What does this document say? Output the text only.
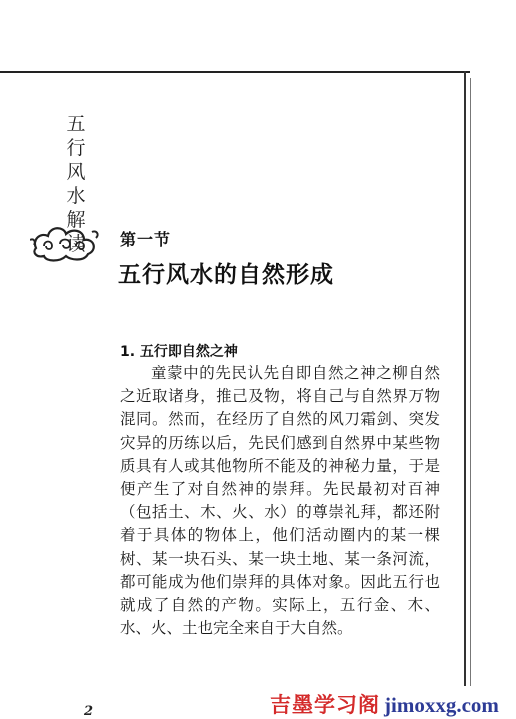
五行风水解读 第一节
五行风水的自然形成
1. 五行即自然之神

童蒙中的先民认先自即自然之神之柳自然之近取诸身，推己及物，将自己与自然界万物混同。然而，在经历了自然的风刀霜剑、突发灾异的历练以后，先民们感到自然界中某些物质具有人或其他物所不能及的神秘力量，于是便产生了对自然神的崇拜。先民最初对百神（包括土、木、火、水）的尊崇礼拜，都还附着于具体的物体上，他们活动圈内的某一棵树、某一块石头、某一块土地、某一条河流，都可能成为他们崇拜的具体对象。因此五行也就成了自然的产物。实际上，五行金、木、水、火、土也完全来自于大自然。

2	吉墨学习阁 jimoxxg.com
